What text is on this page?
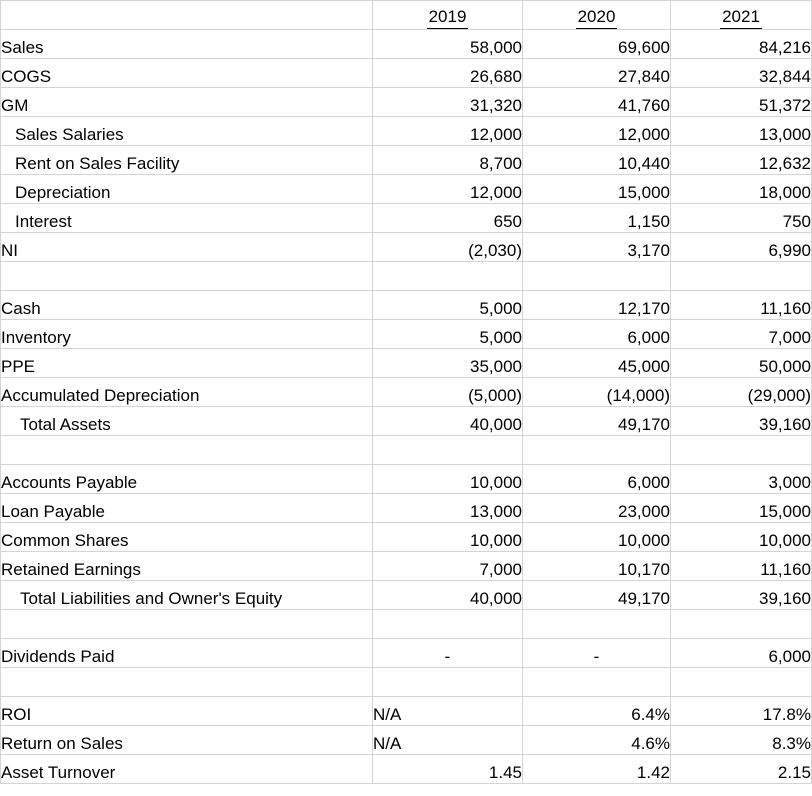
	2019	2020	2021
Sales	58,000	69,600	84,216
COGS	26,680	27,840	32,844
GM	31,320	41,760	51,372
Sales Salaries	12,000	12,000	13,000
Rent on Sales Facility	8,700	10,440	12,632
Depreciation	12,000	15,000	18,000
Interest	650	1,150	750
NI	(2,030)	3,170	6,990

Cash	5,000	12,170	11,160
Inventory	5,000	6,000	7,000
PPE	35,000	45,000	50,000
Accumulated Depreciation	(5,000)	(14,000)	(29,000)
Total Assets	40,000	49,170	39,160

Accounts Payable	10,000	6,000	3,000
Loan Payable	13,000	23,000	15,000
Common Shares	10,000	10,000	10,000
Retained Earnings	7,000	10,170	11,160
Total Liabilities and Owner's Equity	40,000	49,170	39,160

Dividends Paid	-	-	6,000

ROI	N/A	6.4%	17.8%
Return on Sales	N/A	4.6%	8.3%
Asset Turnover	1.45	1.42	2.15
